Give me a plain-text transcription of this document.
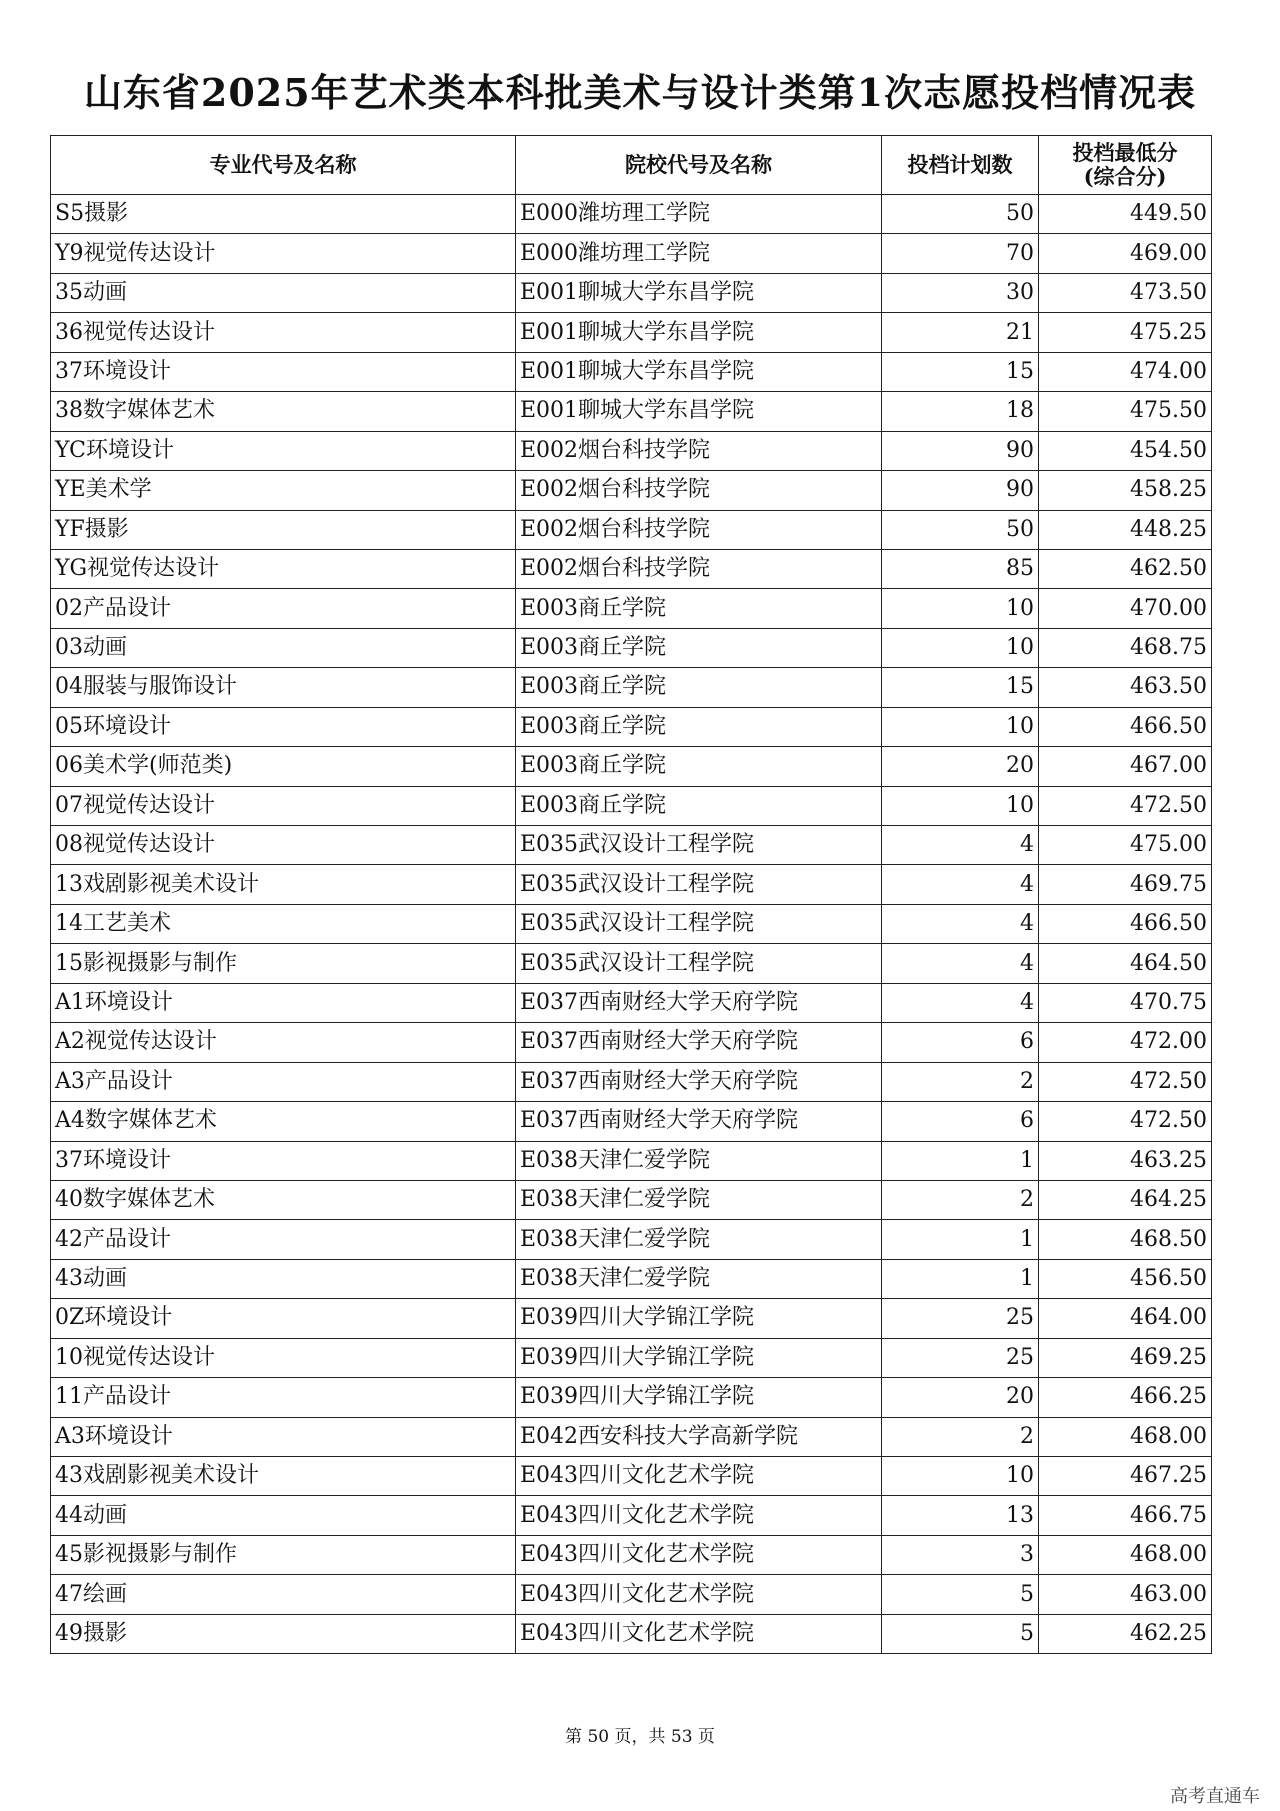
山东省2025年艺术类本科批美术与设计类第1次志愿投档情况表
专业代号及名称	院校代号及名称	投档计划数	投档最低分
(综合分)

S5摄影	E000潍坊理工学院	50	449.50
Y9视觉传达设计	E000潍坊理工学院	70	469.00
35动画	E001聊城大学东昌学院	30	473.50
36视觉传达设计	E001聊城大学东昌学院	21	475.25
37环境设计	E001聊城大学东昌学院	15	474.00
38数字媒体艺术	E001聊城大学东昌学院	18	475.50
YC环境设计	E002烟台科技学院	90	454.50
YE美术学	E002烟台科技学院	90	458.25
YF摄影	E002烟台科技学院	50	448.25
YG视觉传达设计	E002烟台科技学院	85	462.50
02产品设计	E003商丘学院	10	470.00
03动画	E003商丘学院	10	468.75
04服装与服饰设计	E003商丘学院	15	463.50
05环境设计	E003商丘学院	10	466.50
06美术学(师范类)	E003商丘学院	20	467.00
07视觉传达设计	E003商丘学院	10	472.50
08视觉传达设计	E035武汉设计工程学院	4	475.00
13戏剧影视美术设计	E035武汉设计工程学院	4	469.75
14工艺美术	E035武汉设计工程学院	4	466.50
15影视摄影与制作	E035武汉设计工程学院	4	464.50
A1环境设计	E037西南财经大学天府学院	4	470.75
A2视觉传达设计	E037西南财经大学天府学院	6	472.00
A3产品设计	E037西南财经大学天府学院	2	472.50
A4数字媒体艺术	E037西南财经大学天府学院	6	472.50
37环境设计	E038天津仁爱学院	1	463.25
40数字媒体艺术	E038天津仁爱学院	2	464.25
42产品设计	E038天津仁爱学院	1	468.50
43动画	E038天津仁爱学院	1	456.50
0Z环境设计	E039四川大学锦江学院	25	464.00
10视觉传达设计	E039四川大学锦江学院	25	469.25
11产品设计	E039四川大学锦江学院	20	466.25
A3环境设计	E042西安科技大学高新学院	2	468.00
43戏剧影视美术设计	E043四川文化艺术学院	10	467.25
44动画	E043四川文化艺术学院	13	466.75
45影视摄影与制作	E043四川文化艺术学院	3	468.00
47绘画	E043四川文化艺术学院	5	463.00
49摄影	E043四川文化艺术学院	5	462.25
第 50 页，共 53 页
高考直通车
